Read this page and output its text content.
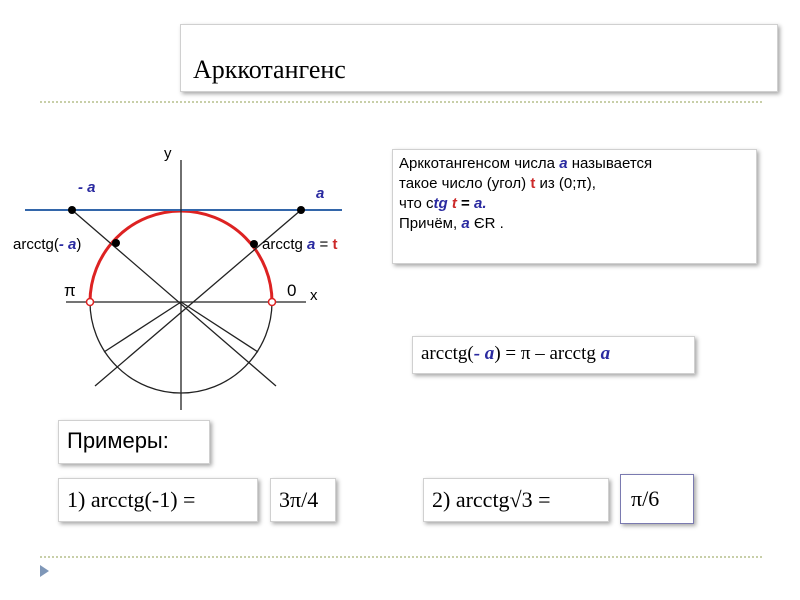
Арккотангенс
y
x
π	0
- a	a
arcctg(- a)	arcctg a = t
Арккотангенсом числа а называется
такое число (угол) t из (0;π),
что ctg t = а.
Причём, а ЄR .
arcctg(- а) = π – arcctg а
Примеры:
1) arcctg(-1) =	3π/4	2) arcctg√3 =	π/6
